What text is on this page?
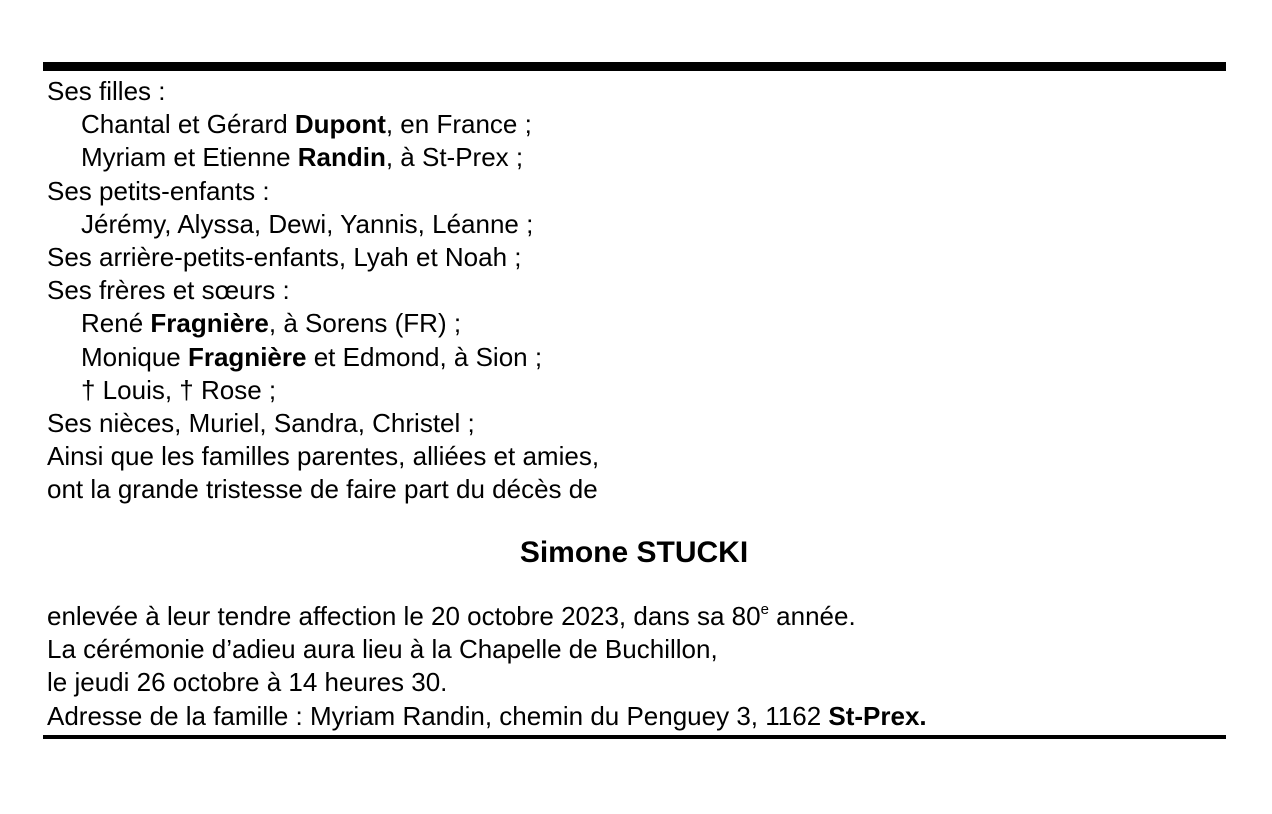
Ses filles :
Chantal et Gérard Dupont, en France ;
Myriam et Etienne Randin, à St-Prex ;
Ses petits-enfants :
Jérémy, Alyssa, Dewi, Yannis, Léanne ;
Ses arrière-petits-enfants, Lyah et Noah ;
Ses frères et sœurs :
René Fragnière, à Sorens (FR) ;
Monique Fragnière et Edmond, à Sion ;
† Louis, † Rose ;
Ses nièces, Muriel, Sandra, Christel ;
Ainsi que les familles parentes, alliées et amies,
ont la grande tristesse de faire part du décès de
Simone STUCKI
enlevée à leur tendre affection le 20 octobre 2023, dans sa 80e année.
La cérémonie d’adieu aura lieu à la Chapelle de Buchillon,
le jeudi 26 octobre à 14 heures 30.
Adresse de la famille : Myriam Randin, chemin du Penguey 3, 1162 St-Prex.
